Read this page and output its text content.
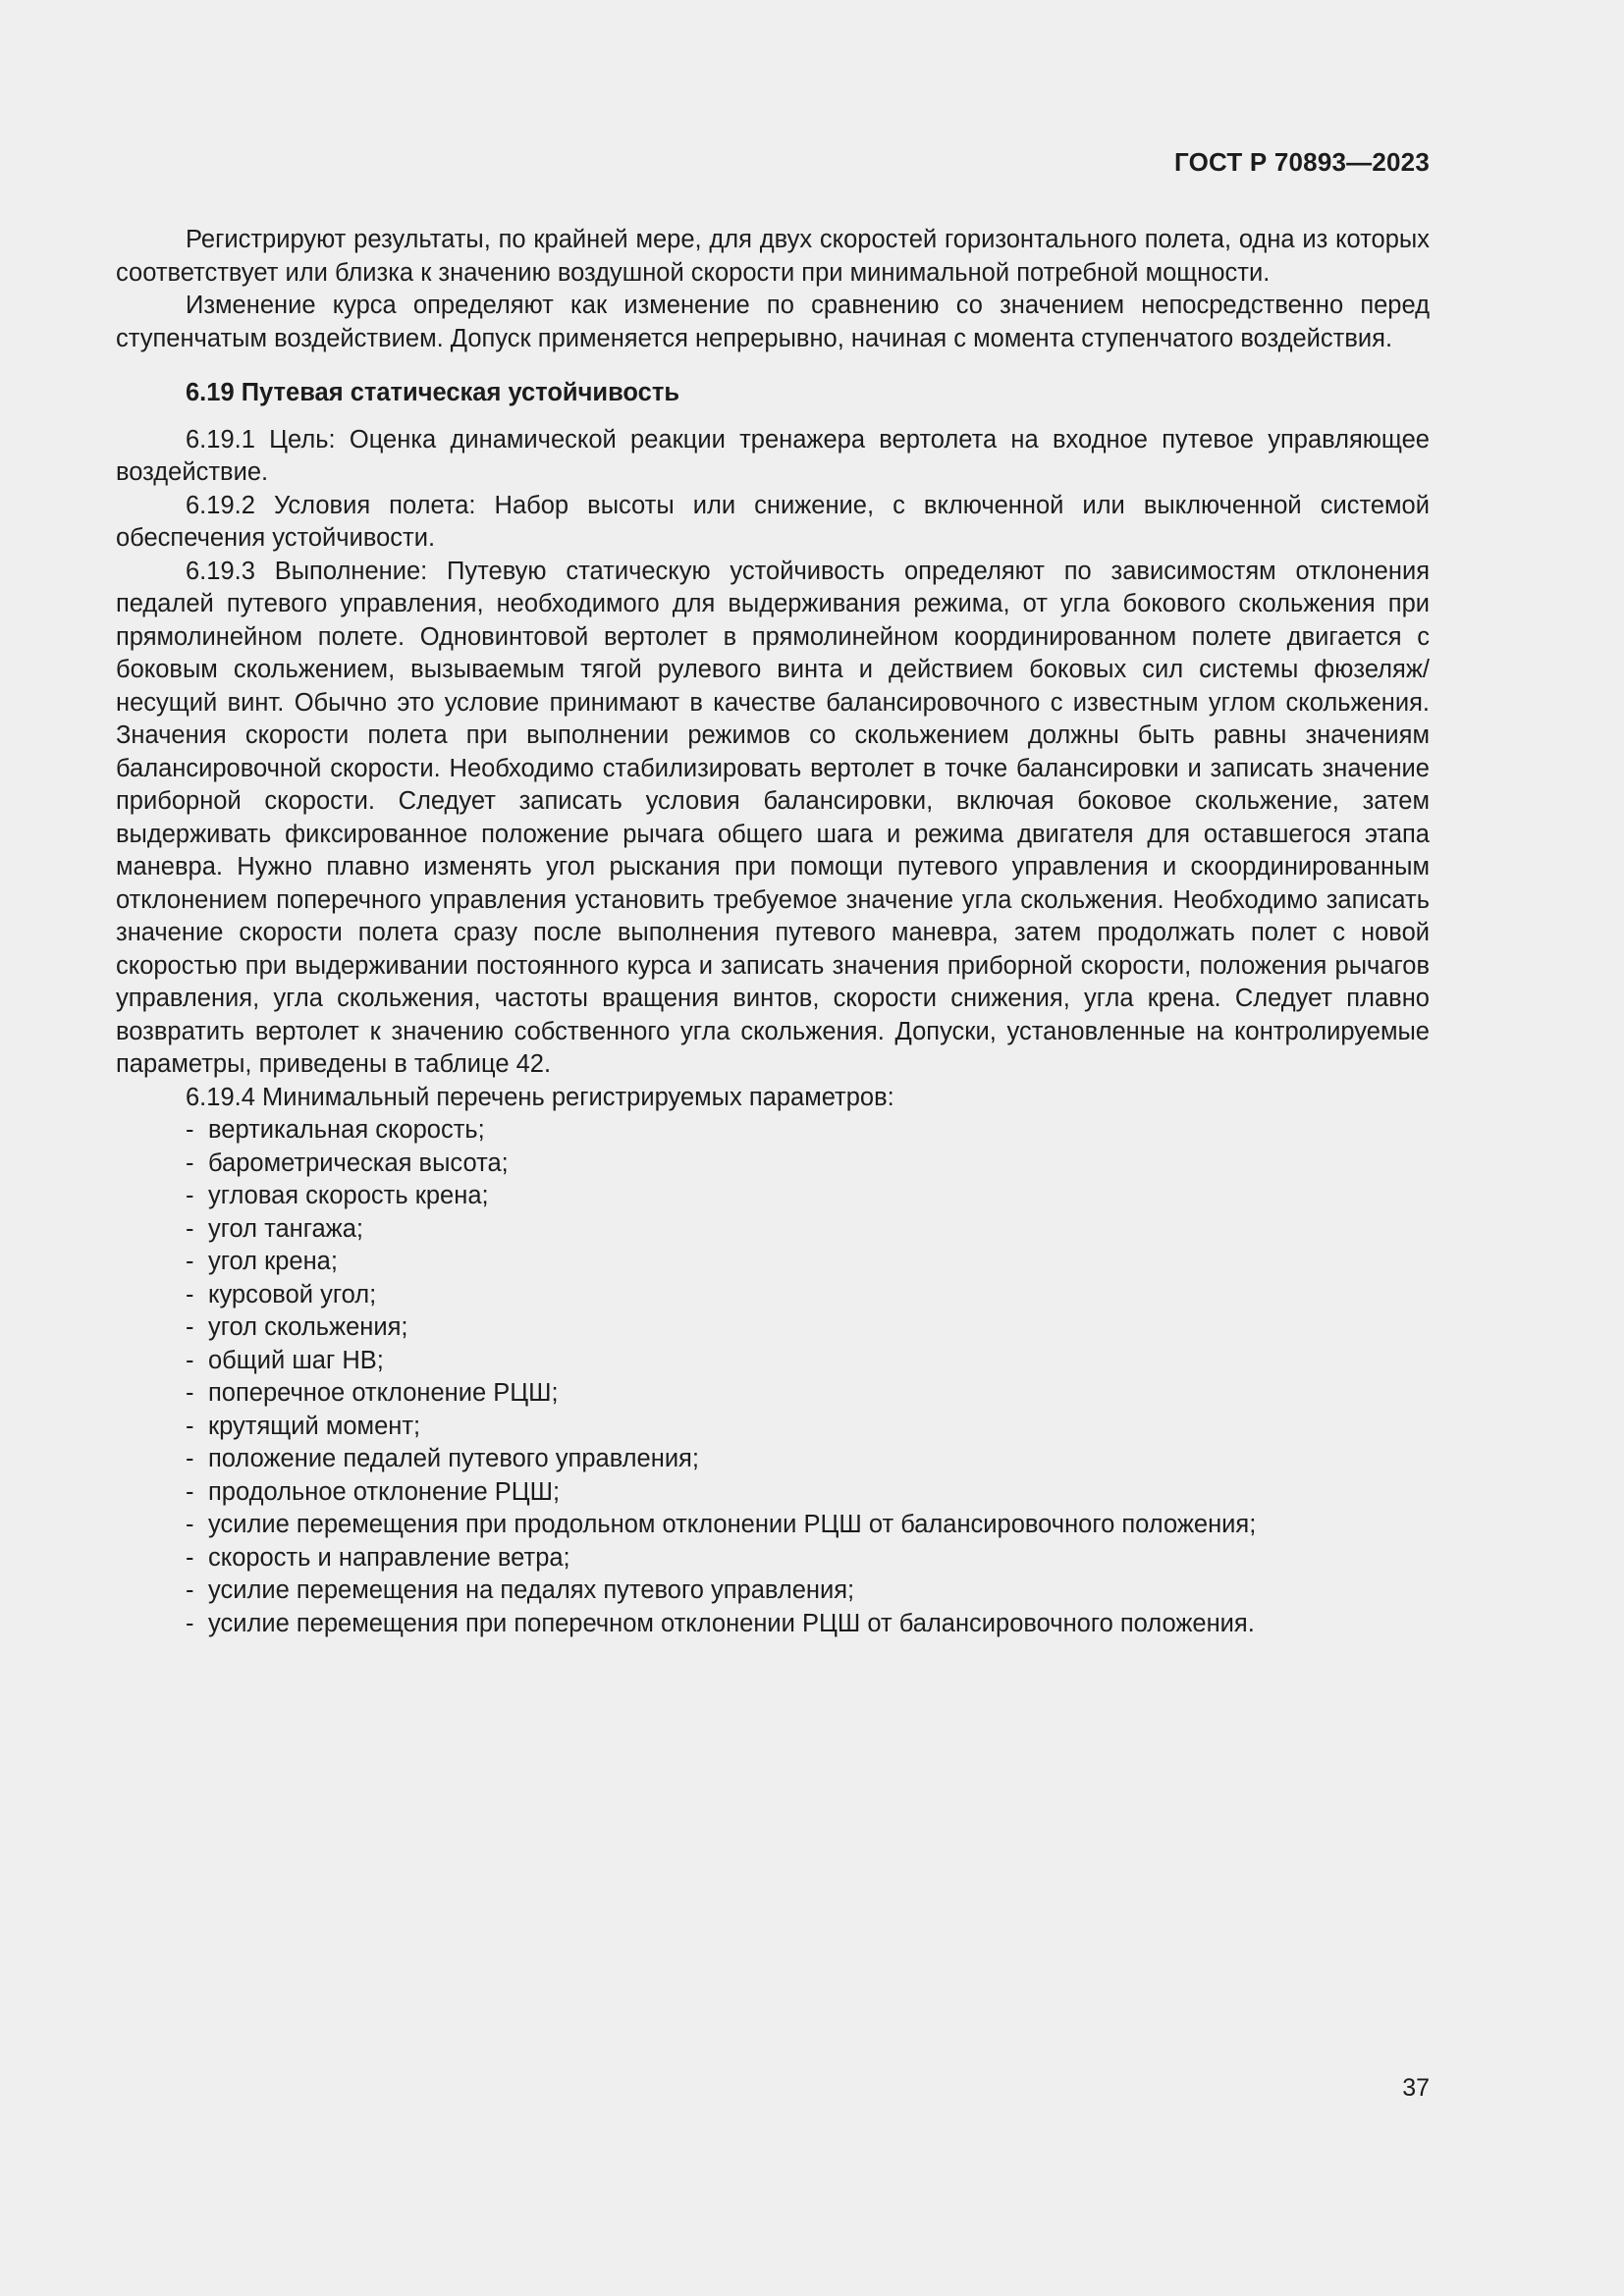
ГОСТ Р 70893—2023

Регистрируют результаты, по крайней мере, для двух скоростей горизонтального полета, одна из которых соответствует или близка к значению воздушной скорости при минимальной потребной мощности.

Изменение курса определяют как изменение по сравнению со значением непосредственно перед ступенчатым воздействием. Допуск применяется непрерывно, начиная с момента ступенчатого воздействия.

6.19 Путевая статическая устойчивость

6.19.1 Цель: Оценка динамической реакции тренажера вертолета на входное путевое управляющее воздействие.

6.19.2 Условия полета: Набор высоты или снижение, с включенной или выключенной системой обеспечения устойчивости.

6.19.3 Выполнение: Путевую статическую устойчивость определяют по зависимостям отклонения педалей путевого управления, необходимого для выдерживания режима, от угла бокового скольжения при прямолинейном полете. Одновинтовой вертолет в прямолинейном координированном полете двигается с боковым скольжением, вызываемым тягой рулевого винта и действием боковых сил системы фюзеляж/несущий винт. Обычно это условие принимают в качестве балансировочного с известным углом скольжения. Значения скорости полета при выполнении режимов со скольжением должны быть равны значениям балансировочной скорости. Необходимо стабилизировать вертолет в точке балансировки и записать значение приборной скорости. Следует записать условия балансировки, включая боковое скольжение, затем выдерживать фиксированное положение рычага общего шага и режима двигателя для оставшегося этапа маневра. Нужно плавно изменять угол рыскания при помощи путевого управления и скоординированным отклонением поперечного управления установить требуемое значение угла скольжения. Необходимо записать значение скорости полета сразу после выполнения путевого маневра, затем продолжать полет с новой скоростью при выдерживании постоянного курса и записать значения приборной скорости, положения рычагов управления, угла скольжения, частоты вращения винтов, скорости снижения, угла крена. Следует плавно возвратить вертолет к значению собственного угла скольжения. Допуски, установленные на контролируемые параметры, приведены в таблице 42.

6.19.4 Минимальный перечень регистрируемых параметров:

- вертикальная скорость;
- барометрическая высота;
- угловая скорость крена;
- угол тангажа;
- угол крена;
- курсовой угол;
- угол скольжения;
- общий шаг НВ;
- поперечное отклонение РЦШ;
- крутящий момент;
- положение педалей путевого управления;
- продольное отклонение РЦШ;
- усилие перемещения при продольном отклонении РЦШ от балансировочного положения;
- скорость и направление ветра;
- усилие перемещения на педалях путевого управления;
- усилие перемещения при поперечном отклонении РЦШ от балансировочного положения.
37
